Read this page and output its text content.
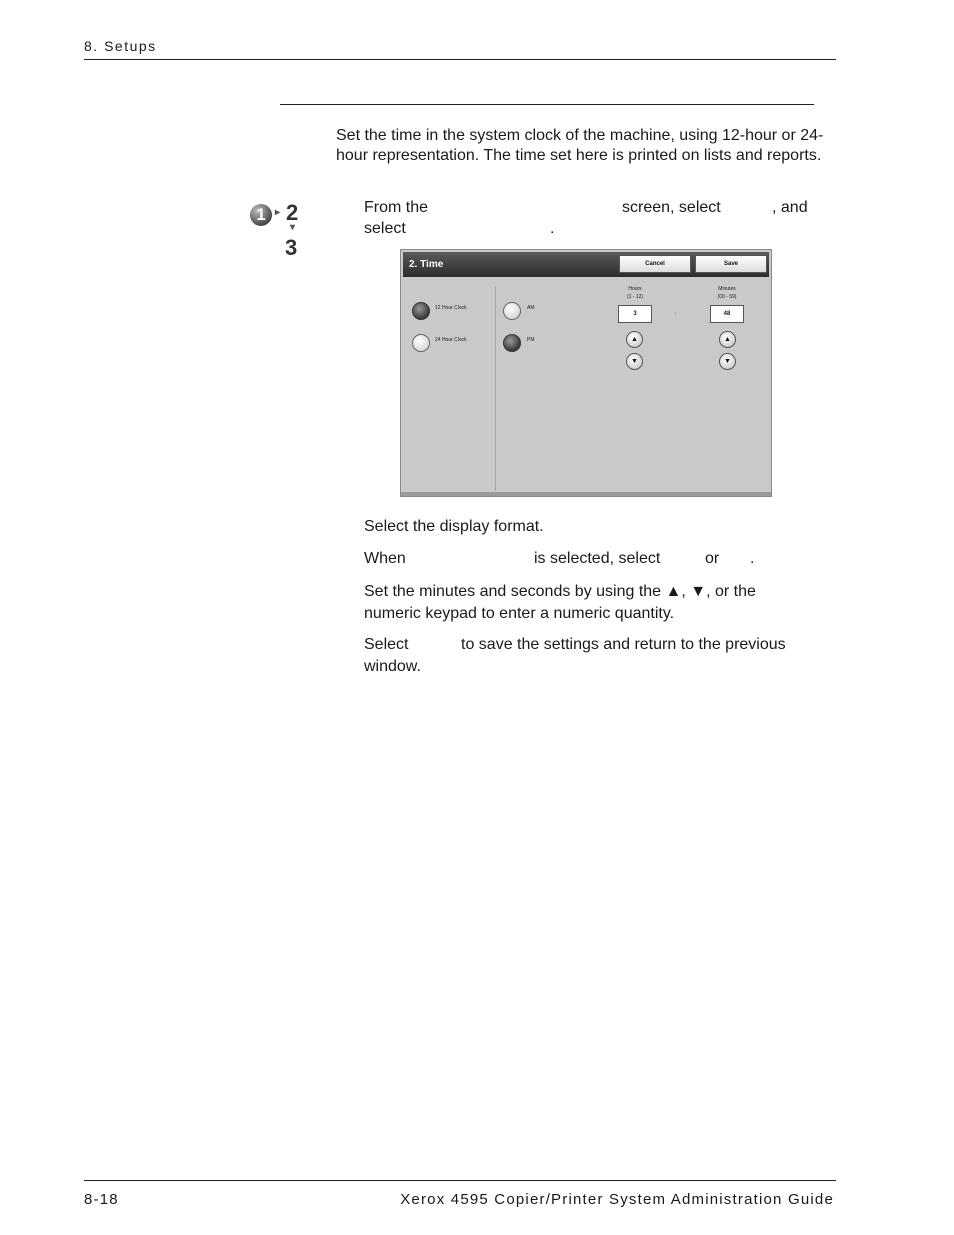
8. Setups
Set the time in the system clock of the machine, using 12-hour or 24-hour representation. The time set here is printed on lists and reports.
1 ▸ 2
▾
3
From the	screen, select	, and
select	.
2. Time	Cancel	Save
12 Hour Clock
24 Hour Clock
AM
PM
Hours
(1 - 12)
3	:
▲
▼
Minutes
(00 - 59)
48
▲
▼
Select the display format.
When	is selected, select	or .
Set the minutes and seconds by using the ▲, ▼, or the
numeric keypad to enter a numeric quantity.
Select	to save the settings and return to the previous
window.
8-18	Xerox 4595 Copier/Printer System Administration Guide
